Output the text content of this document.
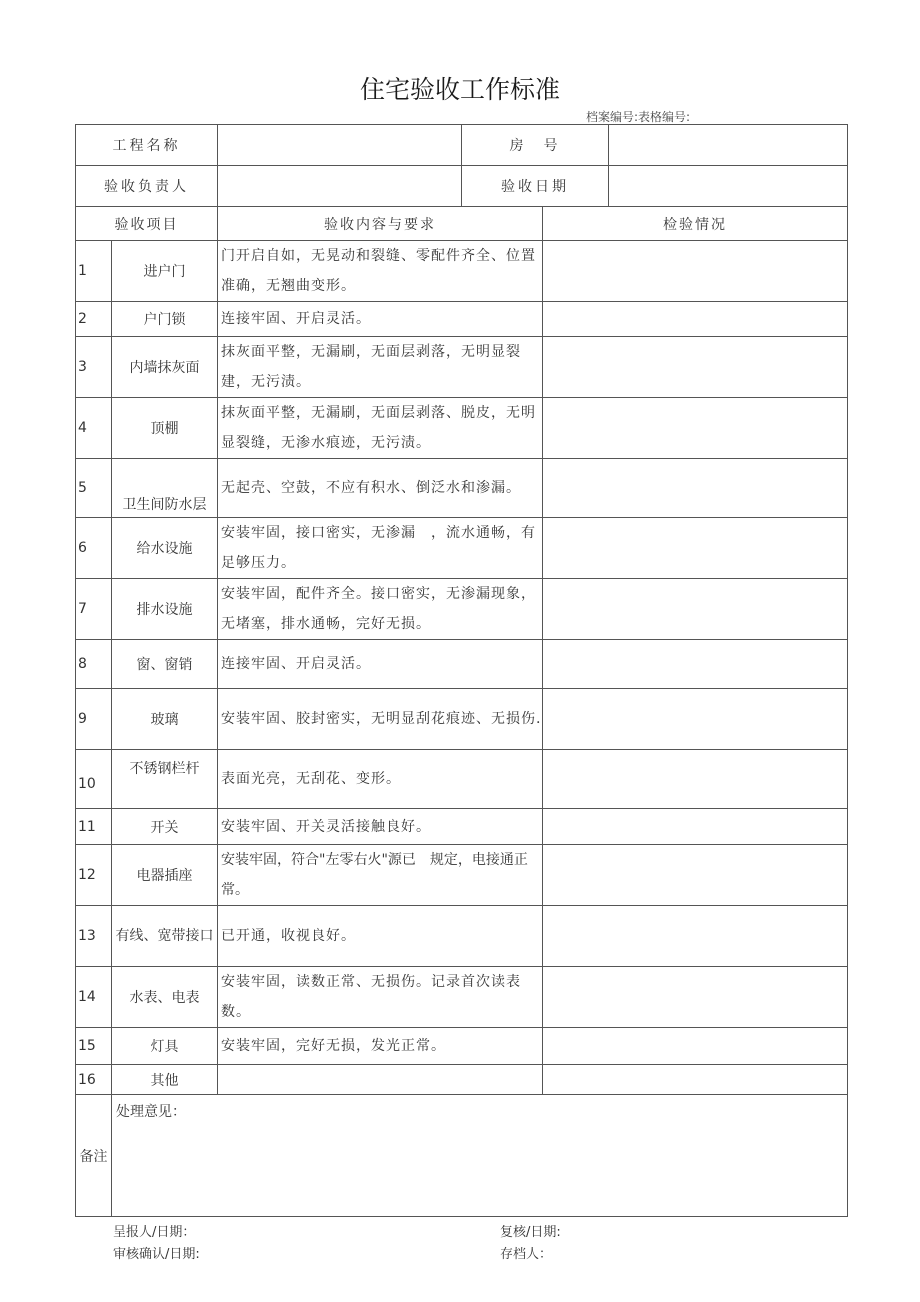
住宅验收工作标准
档案编号:表格编号:
工程名称			房　号		
验收负责人			验收日期		
验收项目		验收内容与要求		检验情况	
1	进户门	门开启自如，无晃动和裂缝、零配件齐全、位置准确，无翘曲变形。			
2	户门锁	连接牢固、开启灵活。			
3	内墙抹灰面	抹灰面平整，无漏刷，无面层剥落，无明显裂建，无污渍。			
4	顶棚	抹灰面平整，无漏刷，无面层剥落、脱皮，无明显裂缝，无渗水痕迹，无污渍。			
5	卫生间防水层	无起壳、空鼓，不应有积水、倒泛水和渗漏。			
6	给水设施	安装牢固，接口密实，无渗漏　，流水通畅，有足够压力。			
7	排水设施	安装牢固，配件齐全。接口密实，无渗漏现象，无堵塞，排水通畅，完好无损。			
8	窗、窗销	连接牢固、开启灵活。			
9	玻璃	安装牢固、胶封密实，无明显刮花痕迹、无损伤.			
10	不锈钢栏杆	表面光亮，无刮花、变形。			
11	开关	安装牢固、开关灵活接触良好。			
12	电器插座	安装牢固，符合"左零右火"源已　规定，电接通正常。			
13	有线、宽带接口	已开通，收视良好。			
14	水表、电表	安装牢固，读数正常、无损伤。记录首次读表数。			
15	灯具	安装牢固，完好无损，发光正常。			
16	其他				
备注	处理意见：				
呈报人/日期：	复核/日期:
审核确认/日期:	存档人：
